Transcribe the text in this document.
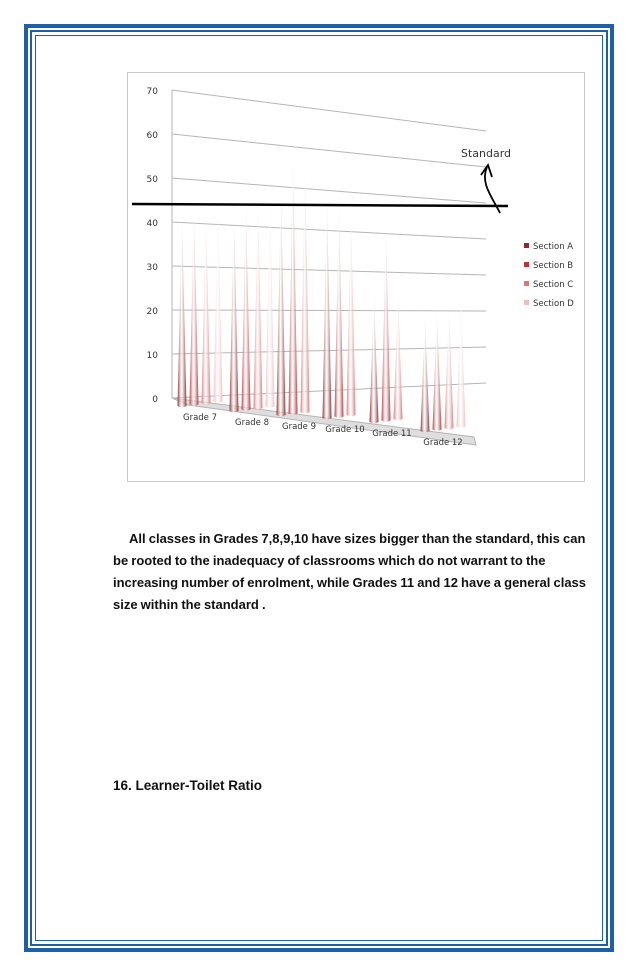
0
10
20
30
40
50
60
70
Grade 7 Grade 8 Grade 9 Grade 10 Grade 11
Grade 12
Standard
Section A
Section B
Section C
Section D

All classes in Grades 7,8,9,10 have sizes bigger than the standard, this can be rooted to the inadequacy of classrooms which do not warrant to the increasing number of enrolment, while Grades 11 and 12 have a general class size within the standard .

16. Learner-Toilet Ratio
